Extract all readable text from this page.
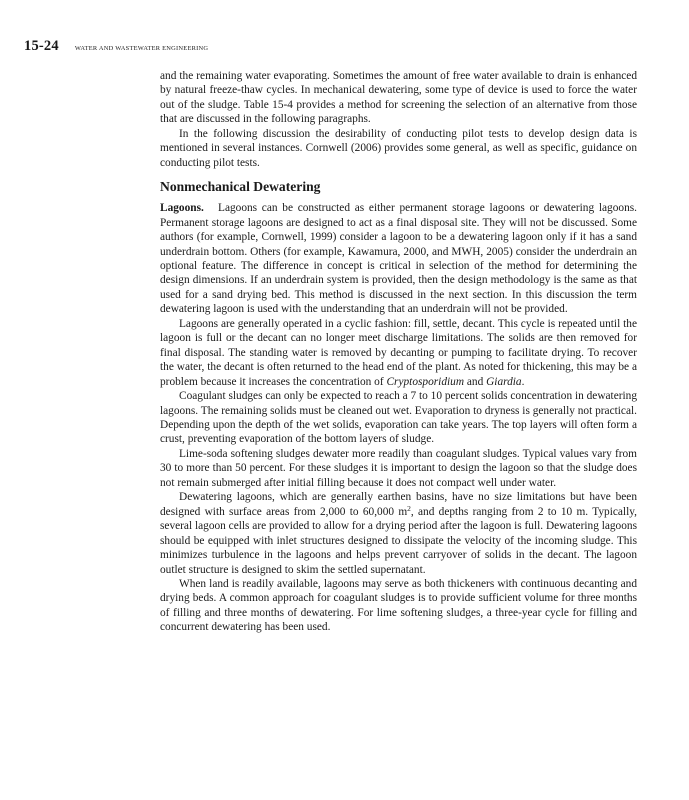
15-24	WATER AND WASTEWATER ENGINEERING

and the remaining water evaporating. Sometimes the amount of free water available to drain is enhanced by natural freeze-thaw cycles. In mechanical dewatering, some type of device is used to force the water out of the sludge. Table 15-4 provides a method for screening the selection of an alternative from those that are discussed in the following paragraphs.

In the following discussion the desirability of conducting pilot tests to develop design data is mentioned in several instances. Cornwell (2006) provides some general, as well as specific, guidance on conducting pilot tests.

Nonmechanical Dewatering

Lagoons. Lagoons can be constructed as either permanent storage lagoons or dewatering lagoons. Permanent storage lagoons are designed to act as a final disposal site. They will not be discussed. Some authors (for example, Cornwell, 1999) consider a lagoon to be a dewatering lagoon only if it has a sand underdrain bottom. Others (for example, Kawamura, 2000, and MWH, 2005) consider the underdrain an optional feature. The difference in concept is critical in selection of the method for determining the design dimensions. If an underdrain system is provided, then the design methodology is the same as that used for a sand drying bed. This method is discussed in the next section. In this discussion the term dewatering lagoon is used with the understanding that an underdrain will not be provided.

Lagoons are generally operated in a cyclic fashion: fill, settle, decant. This cycle is repeated until the lagoon is full or the decant can no longer meet discharge limitations. The solids are then removed for final disposal. The standing water is removed by decanting or pumping to facilitate drying. To recover the water, the decant is often returned to the head end of the plant. As noted for thickening, this may be a problem because it increases the concentration of Cryptosporidium and Giardia.

Coagulant sludges can only be expected to reach a 7 to 10 percent solids concentration in dewatering lagoons. The remaining solids must be cleaned out wet. Evaporation to dryness is generally not practical. Depending upon the depth of the wet solids, evaporation can take years. The top layers will often form a crust, preventing evaporation of the bottom layers of sludge.

Lime-soda softening sludges dewater more readily than coagulant sludges. Typical values vary from 30 to more than 50 percent. For these sludges it is important to design the lagoon so that the sludge does not remain submerged after initial filling because it does not compact well under water.

Dewatering lagoons, which are generally earthen basins, have no size limitations but have been designed with surface areas from 2,000 to 60,000 $m^2$, and depths ranging from 2 to 10 m. Typically, several lagoon cells are provided to allow for a drying period after the lagoon is full. Dewatering lagoons should be equipped with inlet structures designed to dissipate the velocity of the incoming sludge. This minimizes turbulence in the lagoons and helps prevent carryover of solids in the decant. The lagoon outlet structure is designed to skim the settled supernatant.

When land is readily available, lagoons may serve as both thickeners with continuous decanting and drying beds. A common approach for coagulant sludges is to provide sufficient volume for three months of filling and three months of dewatering. For lime softening sludges, a three-year cycle for filling and concurrent dewatering has been used.
